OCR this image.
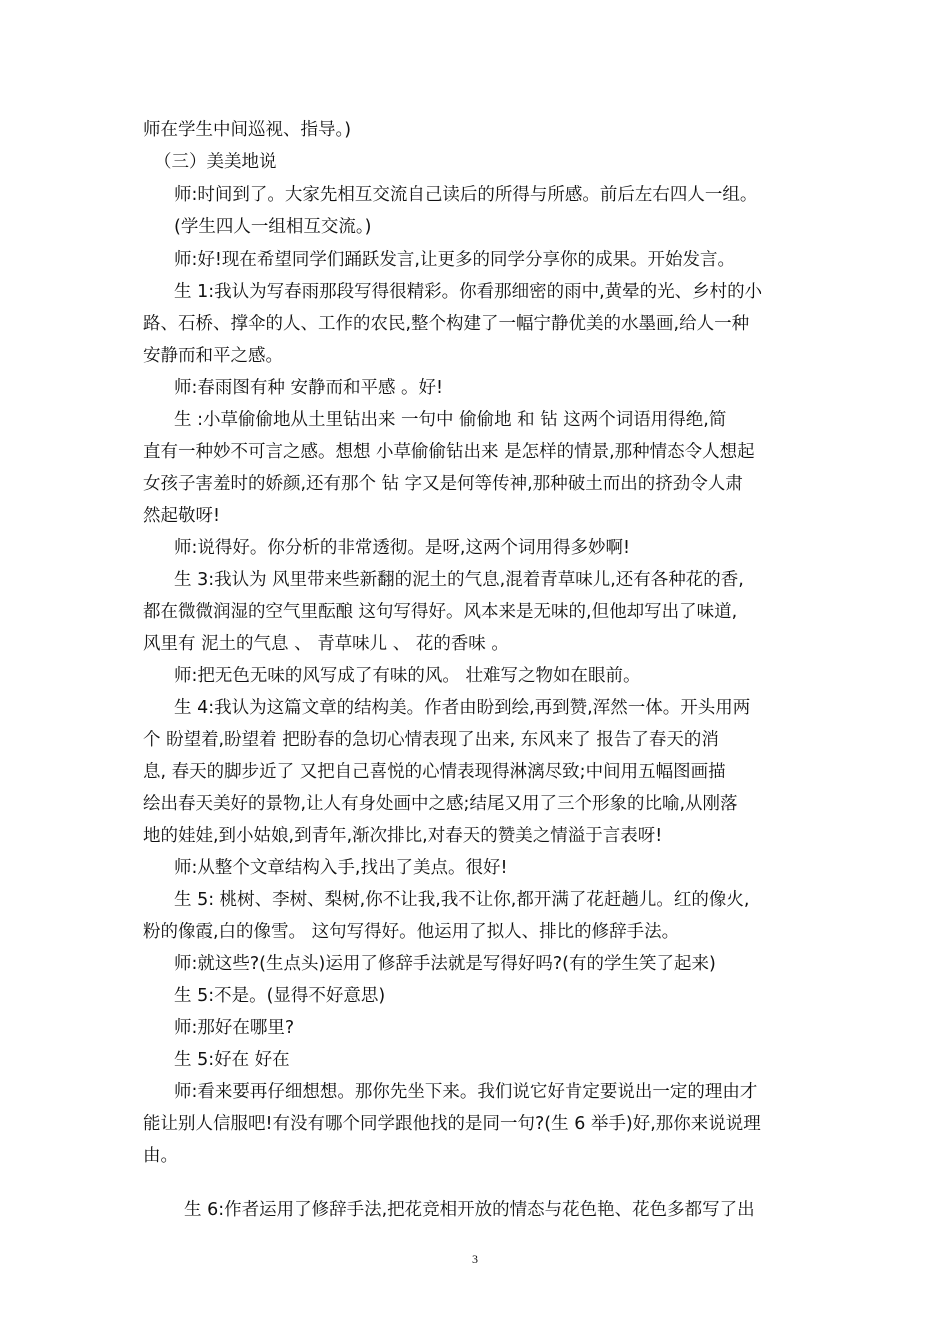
师在学生中间巡视、指导。)
（三）美美地说
师:时间到了。大家先相互交流自己读后的所得与所感。前后左右四人一组。
(学生四人一组相互交流。)
师:好!现在希望同学们踊跃发言,让更多的同学分享你的成果。开始发言。
生 1:我认为写春雨那段写得很精彩。你看那细密的雨中,黄晕的光、乡村的小
路、石桥、撑伞的人、工作的农民,整个构建了一幅宁静优美的水墨画,给人一种
安静而和平之感。
师:春雨图有种 安静而和平感 。好!
生 :小草偷偷地从土里钻出来 一句中 偷偷地 和 钻 这两个词语用得绝,简
直有一种妙不可言之感。想想 小草偷偷钻出来 是怎样的情景,那种情态令人想起
女孩子害羞时的娇颜,还有那个 钻 字又是何等传神,那种破土而出的挤劲令人肃
然起敬呀!
师:说得好。你分析的非常透彻。是呀,这两个词用得多妙啊!
生 3:我认为 风里带来些新翻的泥土的气息,混着青草味儿,还有各种花的香,
都在微微润湿的空气里酝酿 这句写得好。风本来是无味的,但他却写出了味道,
风里有 泥土的气息 、 青草味儿 、 花的香味 。
师:把无色无味的风写成了有味的风。 壮难写之物如在眼前。
生 4:我认为这篇文章的结构美。作者由盼到绘,再到赞,浑然一体。开头用两
个 盼望着,盼望着 把盼春的急切心情表现了出来, 东风来了 报告了春天的消
息, 春天的脚步近了 又把自己喜悦的心情表现得淋漓尽致;中间用五幅图画描
绘出春天美好的景物,让人有身处画中之感;结尾又用了三个形象的比喻,从刚落
地的娃娃,到小姑娘,到青年,渐次排比,对春天的赞美之情溢于言表呀!
师:从整个文章结构入手,找出了美点。很好!
生 5: 桃树、李树、梨树,你不让我,我不让你,都开满了花赶趟儿。红的像火,
粉的像霞,白的像雪。 这句写得好。他运用了拟人、排比的修辞手法。
师:就这些?(生点头)运用了修辞手法就是写得好吗?(有的学生笑了起来)
生 5:不是。(显得不好意思)
师:那好在哪里?
生 5:好在 好在
师:看来要再仔细想想。那你先坐下来。我们说它好肯定要说出一定的理由才
能让别人信服吧!有没有哪个同学跟他找的是同一句?(生 6 举手)好,那你来说说理
由。
生 6:作者运用了修辞手法,把花竞相开放的情态与花色艳、花色多都写了出
3
